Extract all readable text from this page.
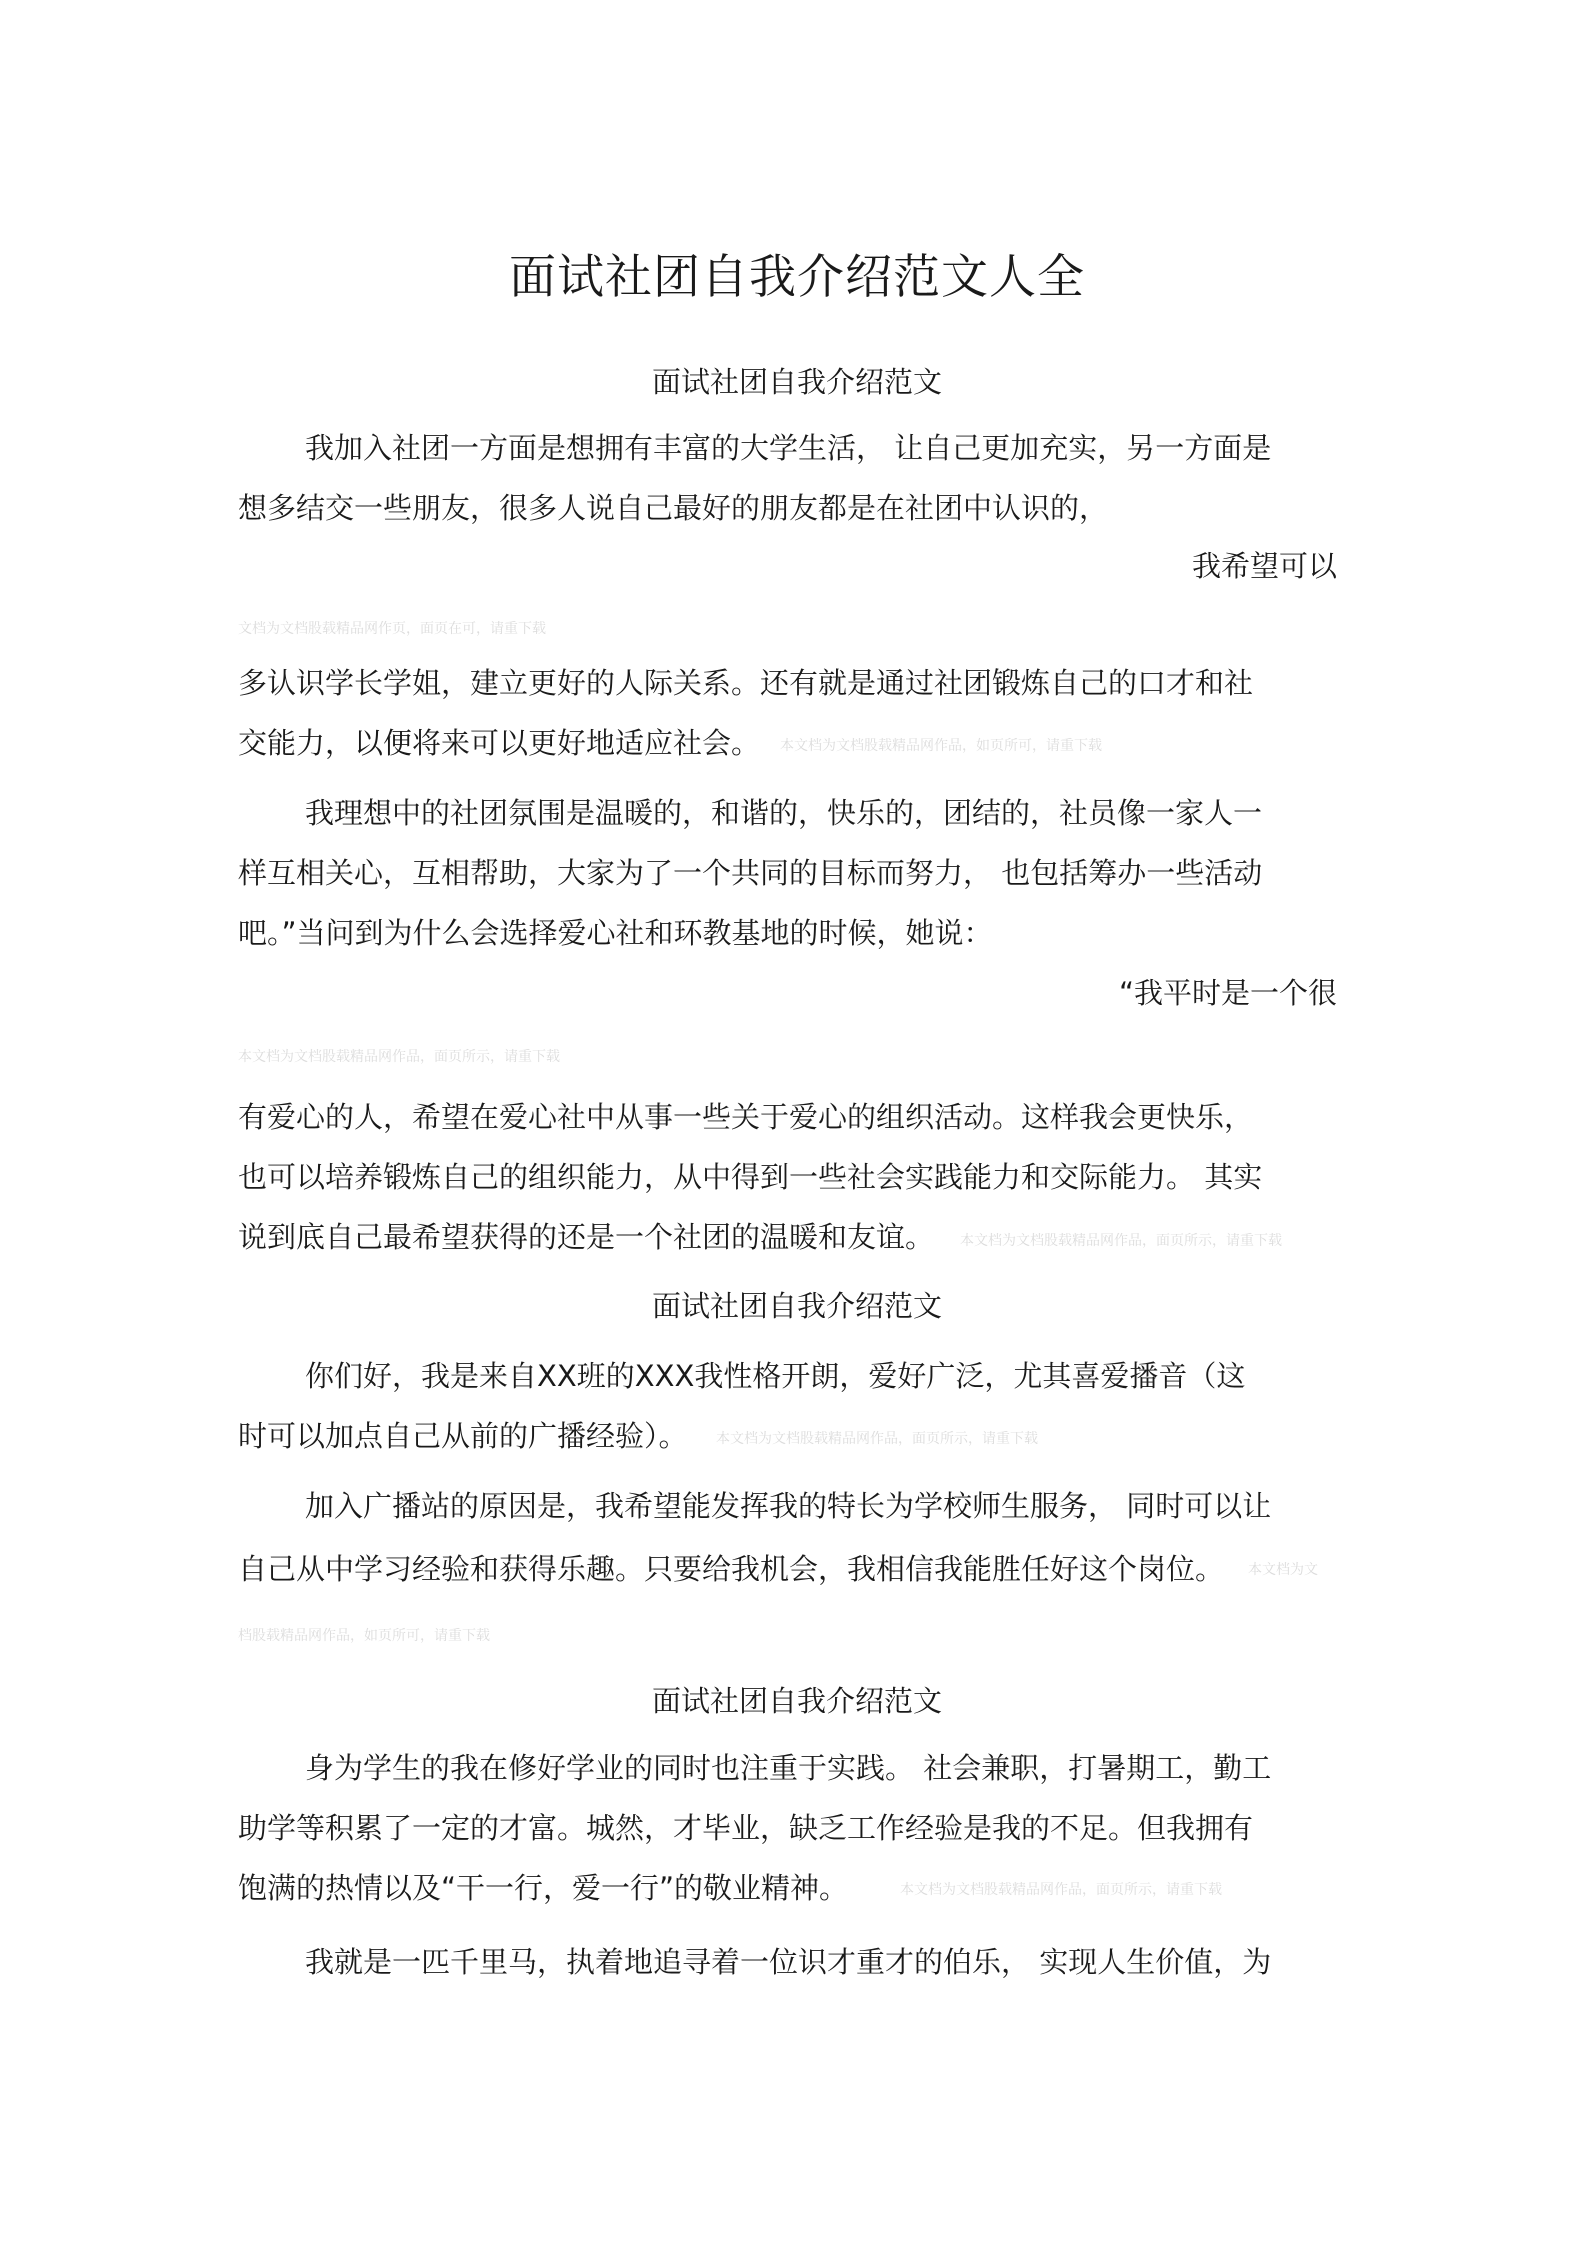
面试社团自我介绍范文人全

面试社团自我介绍范文

我加入社团一方面是想拥有丰富的大学生活， 让自己更加充实，另一方面是

想多结交一些朋友，很多人说自己最好的朋友都是在社团中认识的，

我希望可以

文档为文档股载精品网作页，面页在可，请重下载

多认识学长学姐，建立更好的人际关系。还有就是通过社团锻炼自己的口才和社

交能力，以便将来可以更好地适应社会。 本文档为文档股载精品网作品，如页所可，请重下载

我理想中的社团氛围是温暖的，和谐的，快乐的，团结的，社员像一家人一

样互相关心，互相帮助，大家为了一个共同的目标而努力， 也包括筹办一些活动

吧。”当问到为什么会选择爱心社和环教基地的时候，她说：

“我平时是一个很

本文档为文档股载精品网作品，面页所示，请重下载

有爱心的人，希望在爱心社中从事一些关于爱心的组织活动。这样我会更快乐，

也可以培养锻炼自己的组织能力，从中得到一些社会实践能力和交际能力。 其实

说到底自己最希望获得的还是一个社团的温暖和友谊。 本文档为文档股载精品网作品，面页所示，请重下载

面试社团自我介绍范文

你们好，我是来自XX班的XXX我性格开朗，爱好广泛，尤其喜爱播音（这

时可以加点自己从前的广播经验）。 本文档为文档股载精品网作品，面页所示，请重下载

加入广播站的原因是，我希望能发挥我的特长为学校师生服务， 同时可以让

自己从中学习经验和获得乐趣。只要给我机会，我相信我能胜任好这个岗位。 本文档为文
档股载精品网作品，如页所可，请重下载

面试社团自我介绍范文

身为学生的我在修好学业的同时也注重于实践。 社会兼职，打暑期工，勤工

助学等积累了一定的才富。城然，才毕业，缺乏工作经验是我的不足。但我拥有

饱满的热情以及“干一行，爱一行”的敬业精神。	本文档为文档股载精品网作品，面页所示，请重下载

我就是一匹千里马，执着地追寻着一位识才重才的伯乐， 实现人生价值，为
